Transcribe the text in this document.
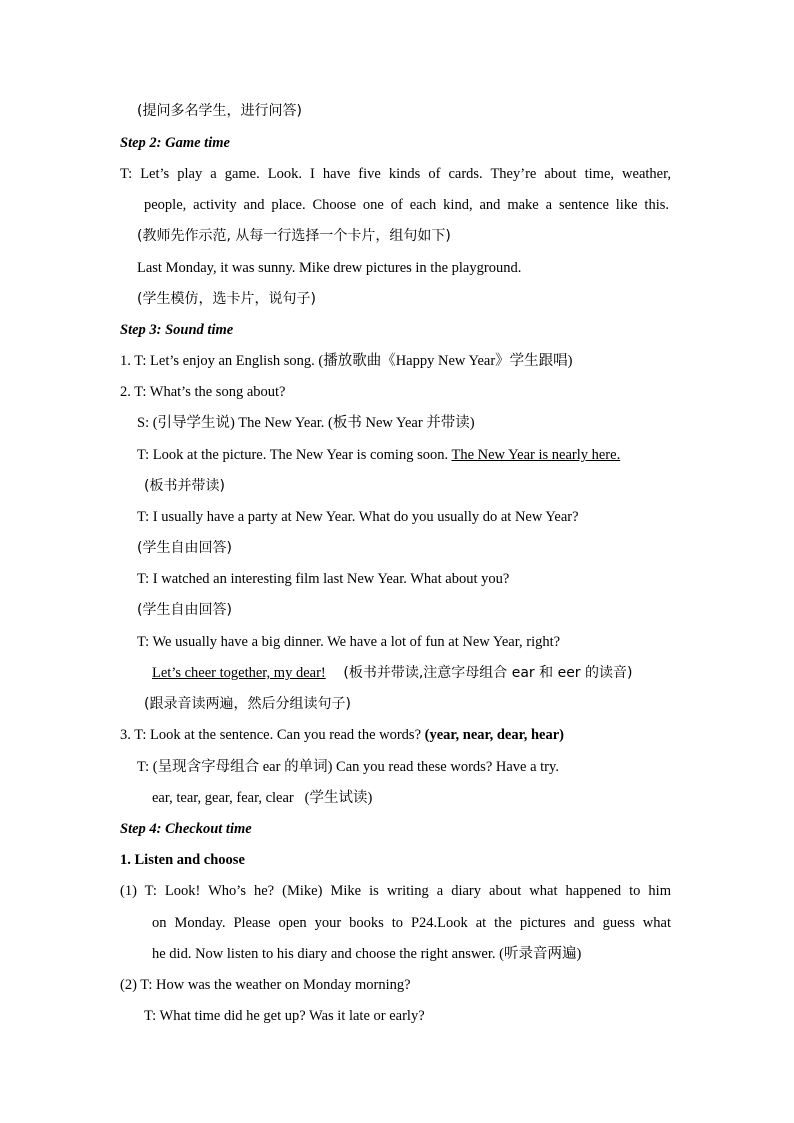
(提问多名学生，进行问答)
Step 2: Game time
T: Let’s play a game. Look. I have five kinds of cards. They’re about time, weather,
people, activity and place. Choose one of each kind, and make a sentence like this.
(教师先作示范, 从每一行选择一个卡片，组句如下)
Last Monday, it was sunny. Mike drew pictures in the playground.
(学生模仿，选卡片，说句子)
Step 3: Sound time
1. T: Let’s enjoy an English song. (播放歌曲《Happy New Year》学生跟唱)
2. T: What’s the song about?
S: (引导学生说) The New Year. (板书 New Year 并带读)
T: Look at the picture. The New Year is coming soon. The New Year is nearly here.
(板书并带读)
T: I usually have a party at New Year. What do you usually do at New Year?
(学生自由回答)
T: I watched an interesting film last New Year. What about you?
(学生自由回答)
T: We usually have a big dinner. We have a lot of fun at New Year, right?
Let’s cheer together, my dear! (板书并带读,注意字母组合 ear 和 eer 的读音)
(跟录音读两遍，然后分组读句子)
3. T: Look at the sentence. Can you read the words? (year, near, dear, hear)
T: (呈现含字母组合 ear 的单词) Can you read these words? Have a try.
ear, tear, gear, fear, clear   (学生试读)
Step 4: Checkout time
1. Listen and choose
(1) T: Look! Who’s he? (Mike) Mike is writing a diary about what happened to him
on Monday. Please open your books to P24.Look at the pictures and guess what
he did. Now listen to his diary and choose the right answer. (听录音两遍)
(2) T: How was the weather on Monday morning?
T: What time did he get up? Was it late or early?
